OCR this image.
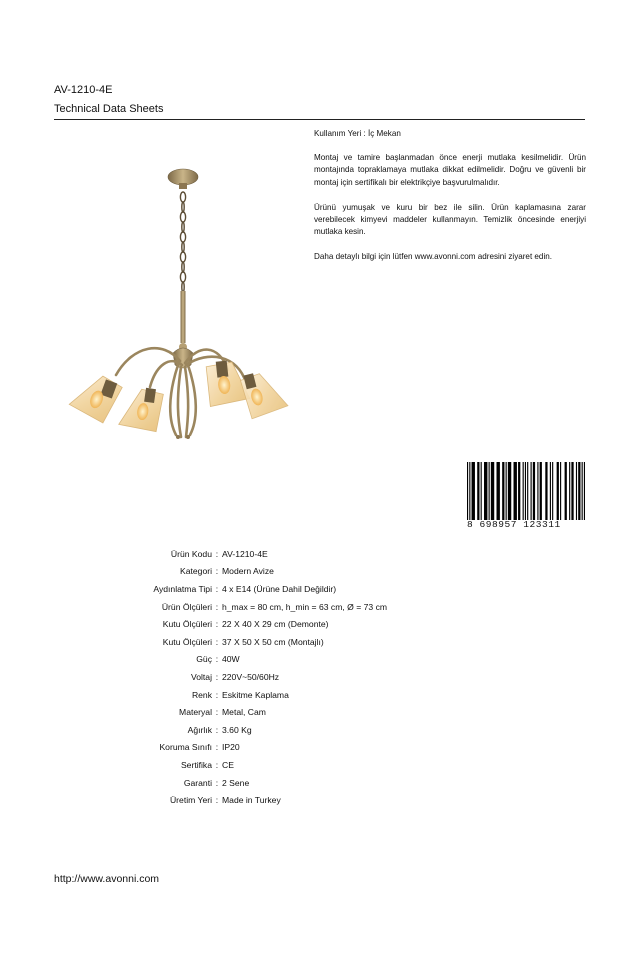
AV-1210-4E
Technical Data Sheets

Kullanım Yeri : İç Mekan

Montaj ve tamire başlanmadan önce enerji mutlaka kesilmelidir. Ürün montajında topraklamaya mutlaka dikkat edilmelidir. Doğru ve güvenli bir montaj için sertifikalı bir elektrikçiye başvurulmalıdır.

Ürünü yumuşak ve kuru bir bez ile silin. Ürün kaplamasına zarar verebilecek kimyevi maddeler kullanmayın. Temizlik öncesinde enerjiyi mutlaka kesin.

Daha detaylı bilgi için lütfen www.avonni.com adresini ziyaret edin.

8 698957 123311
Ürün Kodu : AV-1210-4E
Kategori : Modern Avize
Aydınlatma Tipi : 4 x E14 (Ürüne Dahil Değildir)
Ürün Ölçüleri : h_max = 80 cm, h_min = 63 cm, Ø = 73 cm
Kutu Ölçüleri : 22 X 40 X 29 cm (Demonte)
Kutu Ölçüleri : 37 X 50 X 50 cm (Montajlı)
Güç : 40W
Voltaj : 220V~50/60Hz
Renk : Eskitme Kaplama
Materyal : Metal, Cam
Ağırlık : 3.60 Kg
Koruma Sınıfı : IP20
Sertifika : CE
Garanti : 2 Sene
Üretim Yeri : Made in Turkey
http://www.avonni.com
